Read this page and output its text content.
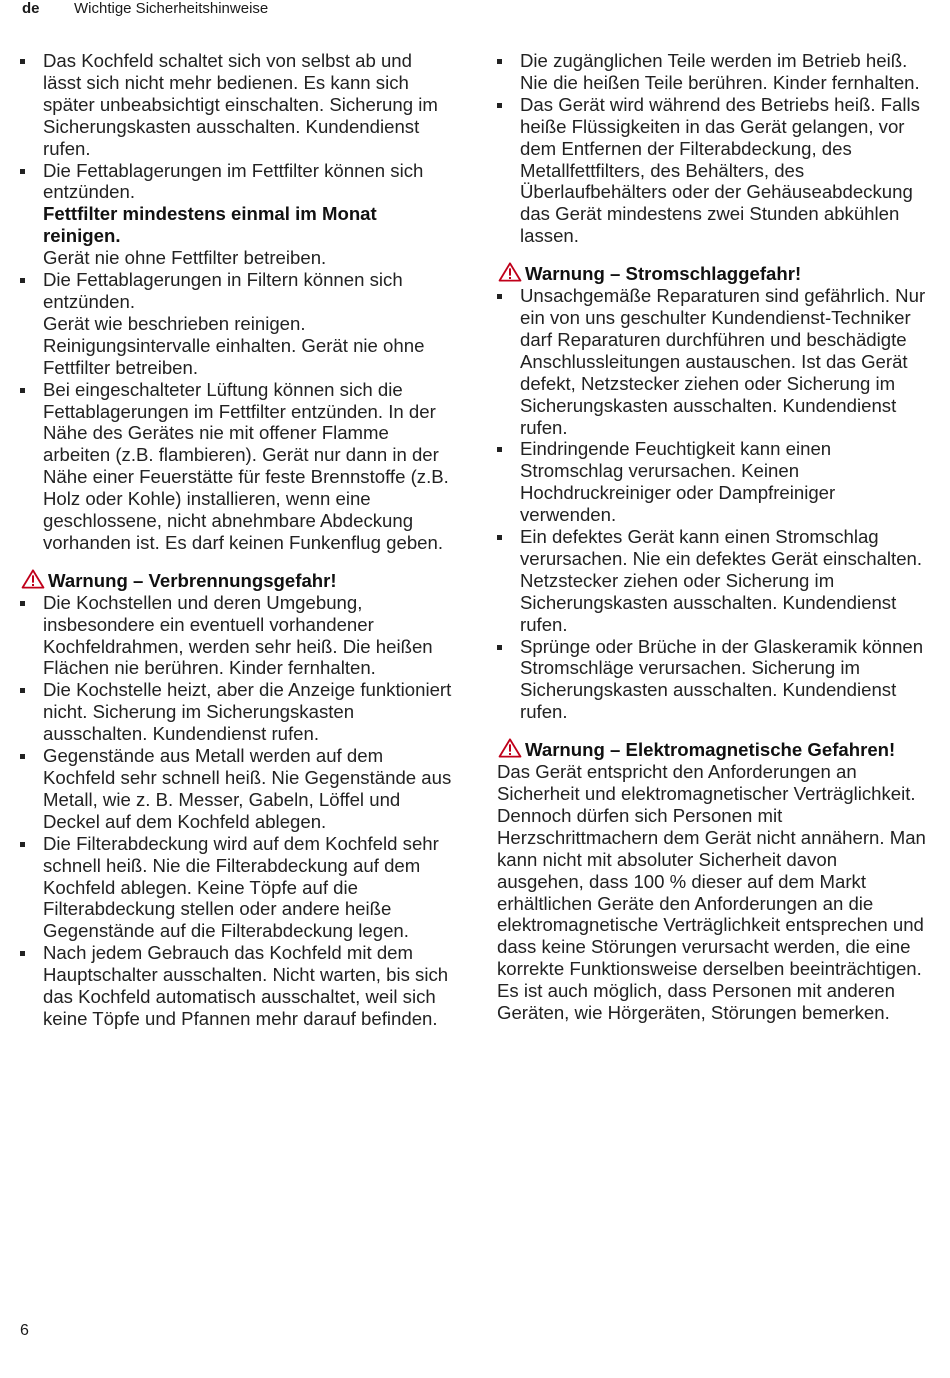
de Wichtige Sicherheitshinweise

Das Kochfeld schaltet sich von selbst ab und lässt sich nicht mehr bedienen. Es kann sich später unbeabsichtigt einschalten. Sicherung im Sicherungskasten ausschalten. Kundendienst rufen.

Die Fettablagerungen im Fettfilter können sich entzünden.

Fettfilter mindestens einmal im Monat reinigen.

Gerät nie ohne Fettfilter betreiben.

Die Fettablagerungen in Filtern können sich entzünden.

Gerät wie beschrieben reinigen. Reinigungsintervalle einhalten. Gerät nie ohne Fettfilter betreiben.

Bei eingeschalteter Lüftung können sich die Fettablagerungen im Fettfilter entzünden. In der Nähe des Gerätes nie mit offener Flamme arbeiten (z.B. flambieren). Gerät nur dann in der Nähe einer Feuerstätte für feste Brennstoffe (z.B. Holz oder Kohle) installieren, wenn eine geschlossene, nicht abnehmbare Abdeckung vorhanden ist. Es darf keinen Funkenflug geben.

Warnung – Verbrennungsgefahr!

Die Kochstellen und deren Umgebung, insbesondere ein eventuell vorhandener Kochfeldrahmen, werden sehr heiß. Die heißen Flächen nie berühren. Kinder fernhalten.

Die Kochstelle heizt, aber die Anzeige funktioniert nicht. Sicherung im Sicherungskasten ausschalten. Kundendienst rufen.

Gegenstände aus Metall werden auf dem Kochfeld sehr schnell heiß. Nie Gegenstände aus Metall, wie z. B. Messer, Gabeln, Löffel und Deckel auf dem Kochfeld ablegen.

Die Filterabdeckung wird auf dem Kochfeld sehr schnell heiß. Nie die Filterabdeckung auf dem Kochfeld ablegen. Keine Töpfe auf die Filterabdeckung stellen oder andere heiße Gegenstände auf die Filterabdeckung legen.

Nach jedem Gebrauch das Kochfeld mit dem Hauptschalter ausschalten. Nicht warten, bis sich das Kochfeld automatisch ausschaltet, weil sich keine Töpfe und Pfannen mehr darauf befinden.

Die zugänglichen Teile werden im Betrieb heiß. Nie die heißen Teile berühren. Kinder fernhalten.

Das Gerät wird während des Betriebs heiß. Falls heiße Flüssigkeiten in das Gerät gelangen, vor dem Entfernen der Filterabdeckung, des Metallfettfilters, des Behälters, des Überlaufbehälters oder der Gehäuseabdeckung das Gerät mindestens zwei Stunden abkühlen lassen.

Warnung – Stromschlaggefahr!

Unsachgemäße Reparaturen sind gefährlich. Nur ein von uns geschulter Kundendienst-Techniker darf Reparaturen durchführen und beschädigte Anschlussleitungen austauschen. Ist das Gerät defekt, Netzstecker ziehen oder Sicherung im Sicherungskasten ausschalten. Kundendienst rufen.

Eindringende Feuchtigkeit kann einen Stromschlag verursachen. Keinen Hochdruckreiniger oder Dampfreiniger verwenden.

Ein defektes Gerät kann einen Stromschlag verursachen. Nie ein defektes Gerät einschalten. Netzstecker ziehen oder Sicherung im Sicherungskasten ausschalten. Kundendienst rufen.

Sprünge oder Brüche in der Glaskeramik können Stromschläge verursachen. Sicherung im Sicherungskasten ausschalten. Kundendienst rufen.

Warnung – Elektromagnetische Gefahren!

Das Gerät entspricht den Anforderungen an Sicherheit und elektromagnetischer Verträglichkeit. Dennoch dürfen sich Personen mit Herzschrittmachern dem Gerät nicht annähern. Man kann nicht mit absoluter Sicherheit davon ausgehen, dass 100 % dieser auf dem Markt erhältlichen Geräte den Anforderungen an die elektromagnetische Verträglichkeit entsprechen und dass keine Störungen verursacht werden, die eine korrekte Funktionsweise derselben beeinträchtigen. Es ist auch möglich, dass Personen mit anderen Geräten, wie Hörgeräten, Störungen bemerken.

6
